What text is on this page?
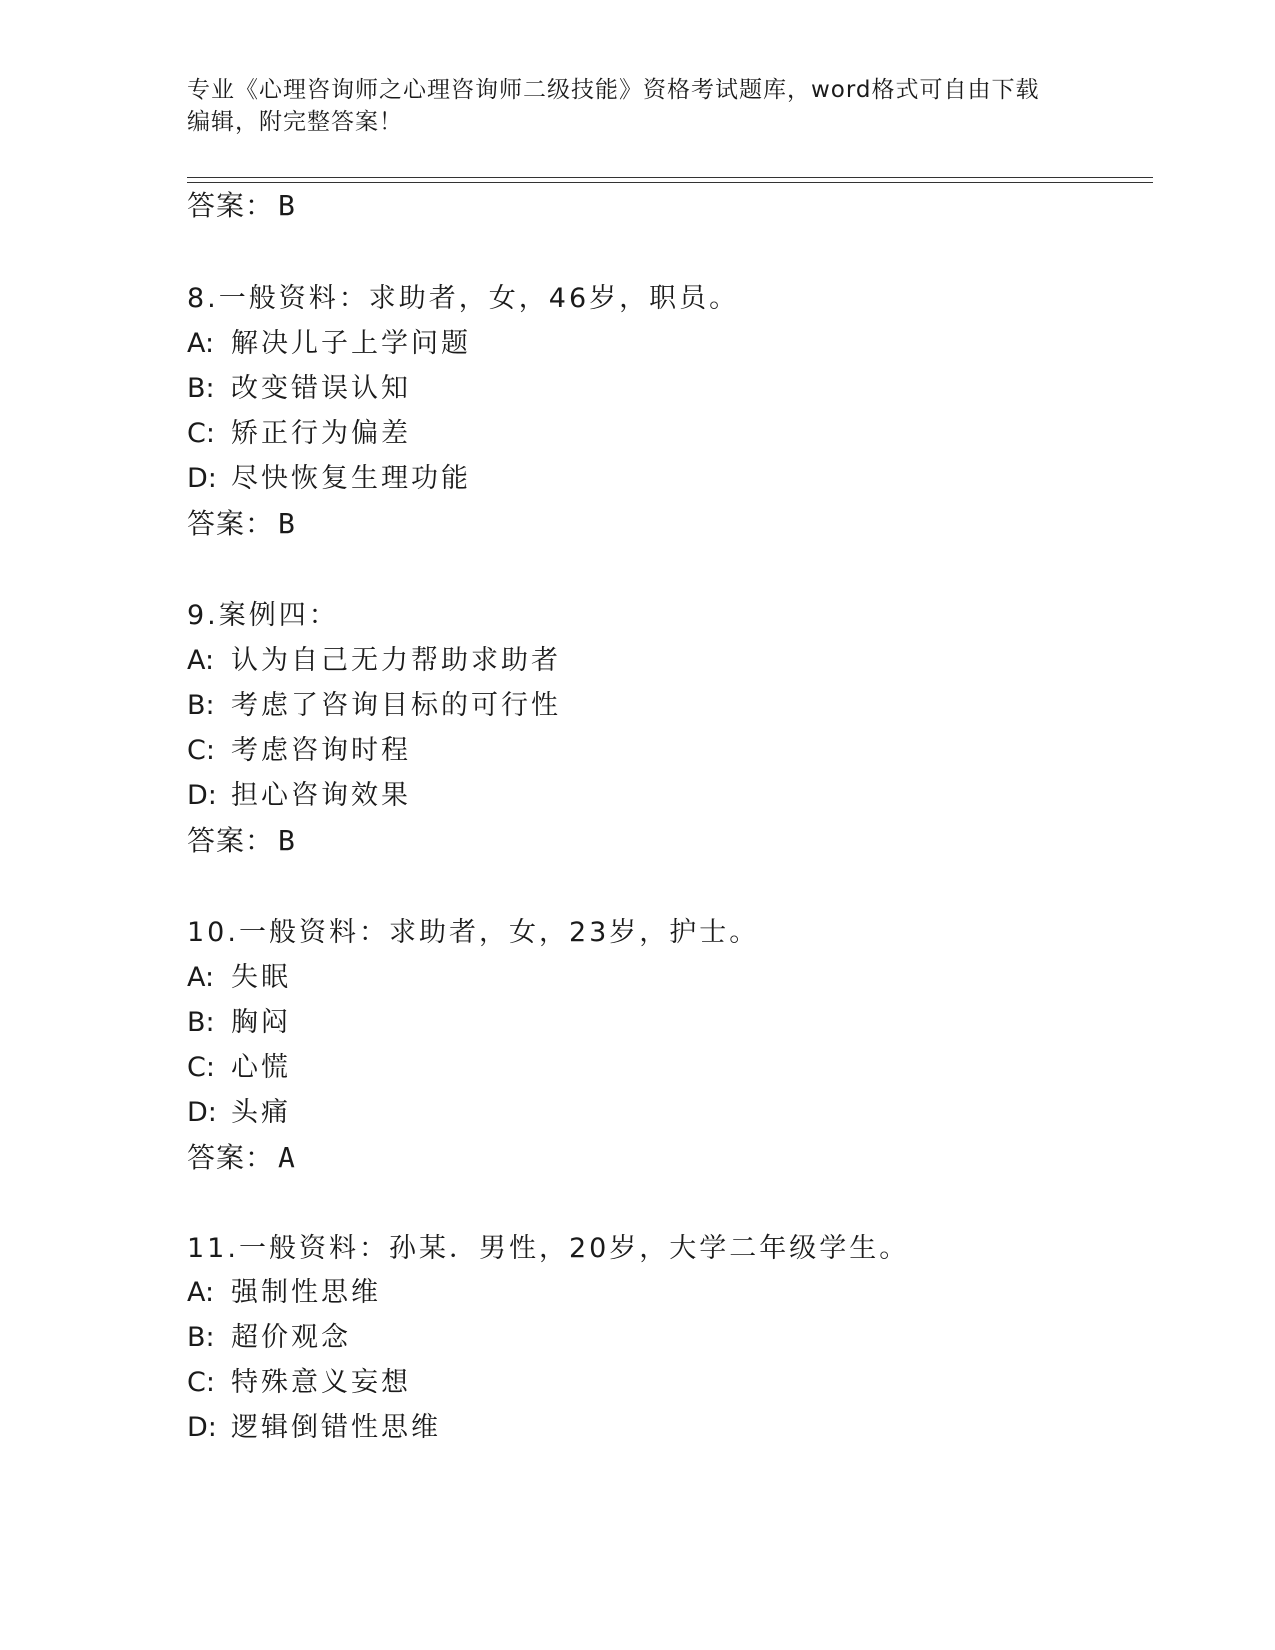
专业《心理咨询师之心理咨询师二级技能》资格考试题库，word格式可自由下载
编辑，附完整答案！
答案： B
8.一般资料：求助者，女，46岁，职员。
A: 解决儿子上学问题
B: 改变错误认知
C: 矫正行为偏差
D: 尽快恢复生理功能
答案： B
9.案例四：
A: 认为自己无力帮助求助者
B: 考虑了咨询目标的可行性
C: 考虑咨询时程
D: 担心咨询效果
答案： B
10.一般资料：求助者，女，23岁，护士。
A: 失眠
B: 胸闷
C: 心慌
D: 头痛
答案： A
11.一般资料：孙某．男性，20岁，大学二年级学生。
A: 强制性思维
B: 超价观念
C: 特殊意义妄想
D: 逻辑倒错性思维
